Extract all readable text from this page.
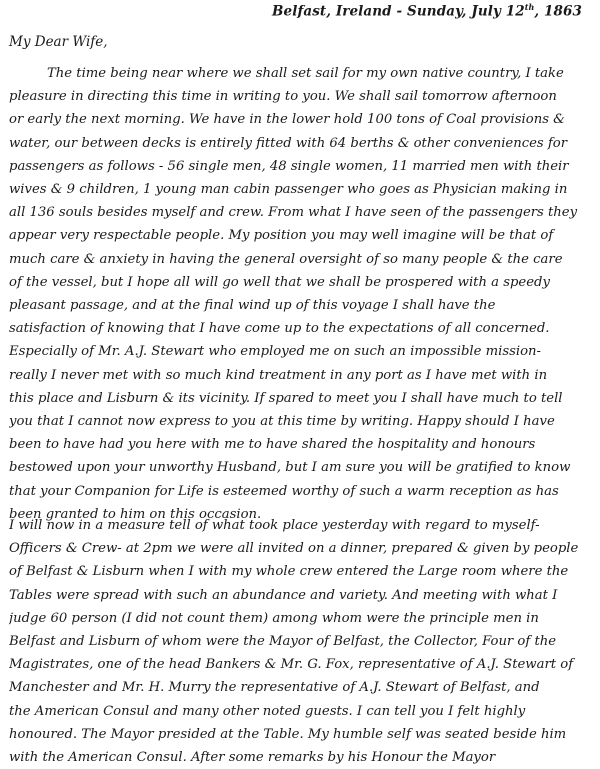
Belfast, Ireland - Sunday, July 12th, 1863
My Dear Wife,
The time being near where we shall set sail for my own native country, I take
pleasure in directing this time in writing to you. We shall sail tomorrow afternoon
or early the next morning. We have in the lower hold 100 tons of Coal provisions &
water, our between decks is entirely fitted with 64 berths & other conveniences for
passengers as follows - 56 single men, 48 single women, 11 married men with their
wives & 9 children, 1 young man cabin passenger who goes as Physician making in
all 136 souls besides myself and crew. From what I have seen of the passengers they
appear very respectable people. My position you may well imagine will be that of
much care & anxiety in having the general oversight of so many people & the care
of the vessel, but I hope all will go well that we shall be prospered with a speedy
pleasant passage, and at the final wind up of this voyage I shall have the
satisfaction of knowing that I have come up to the expectations of all concerned.
Especially of Mr. A.J. Stewart who employed me on such an impossible mission-
really I never met with so much kind treatment in any port as I have met with in
this place and Lisburn & its vicinity. If spared to meet you I shall have much to tell
you that I cannot now express to you at this time by writing. Happy should I have
been to have had you here with me to have shared the hospitality and honours
bestowed upon your unworthy Husband, but I am sure you will be gratified to know
that your Companion for Life is esteemed worthy of such a warm reception as has
been granted to him on this occasion.
I will now in a measure tell of what took place yesterday with regard to myself-
Officers & Crew- at 2pm we were all invited on a dinner, prepared & given by people
of Belfast & Lisburn when I with my whole crew entered the Large room where the
Tables were spread with such an abundance and variety. And meeting with what I
judge 60 person (I did not count them) among whom were the principle men in
Belfast and Lisburn of whom were the Mayor of Belfast, the Collector, Four of the
Magistrates, one of the head Bankers & Mr. G. Fox, representative of A.J. Stewart of
Manchester and Mr. H. Murry the representative of A.J. Stewart of Belfast, and
the American Consul and many other noted guests. I can tell you I felt highly
honoured. The Mayor presided at the Table. My humble self was seated beside him
with the American Consul. After some remarks by his Honour the Mayor
